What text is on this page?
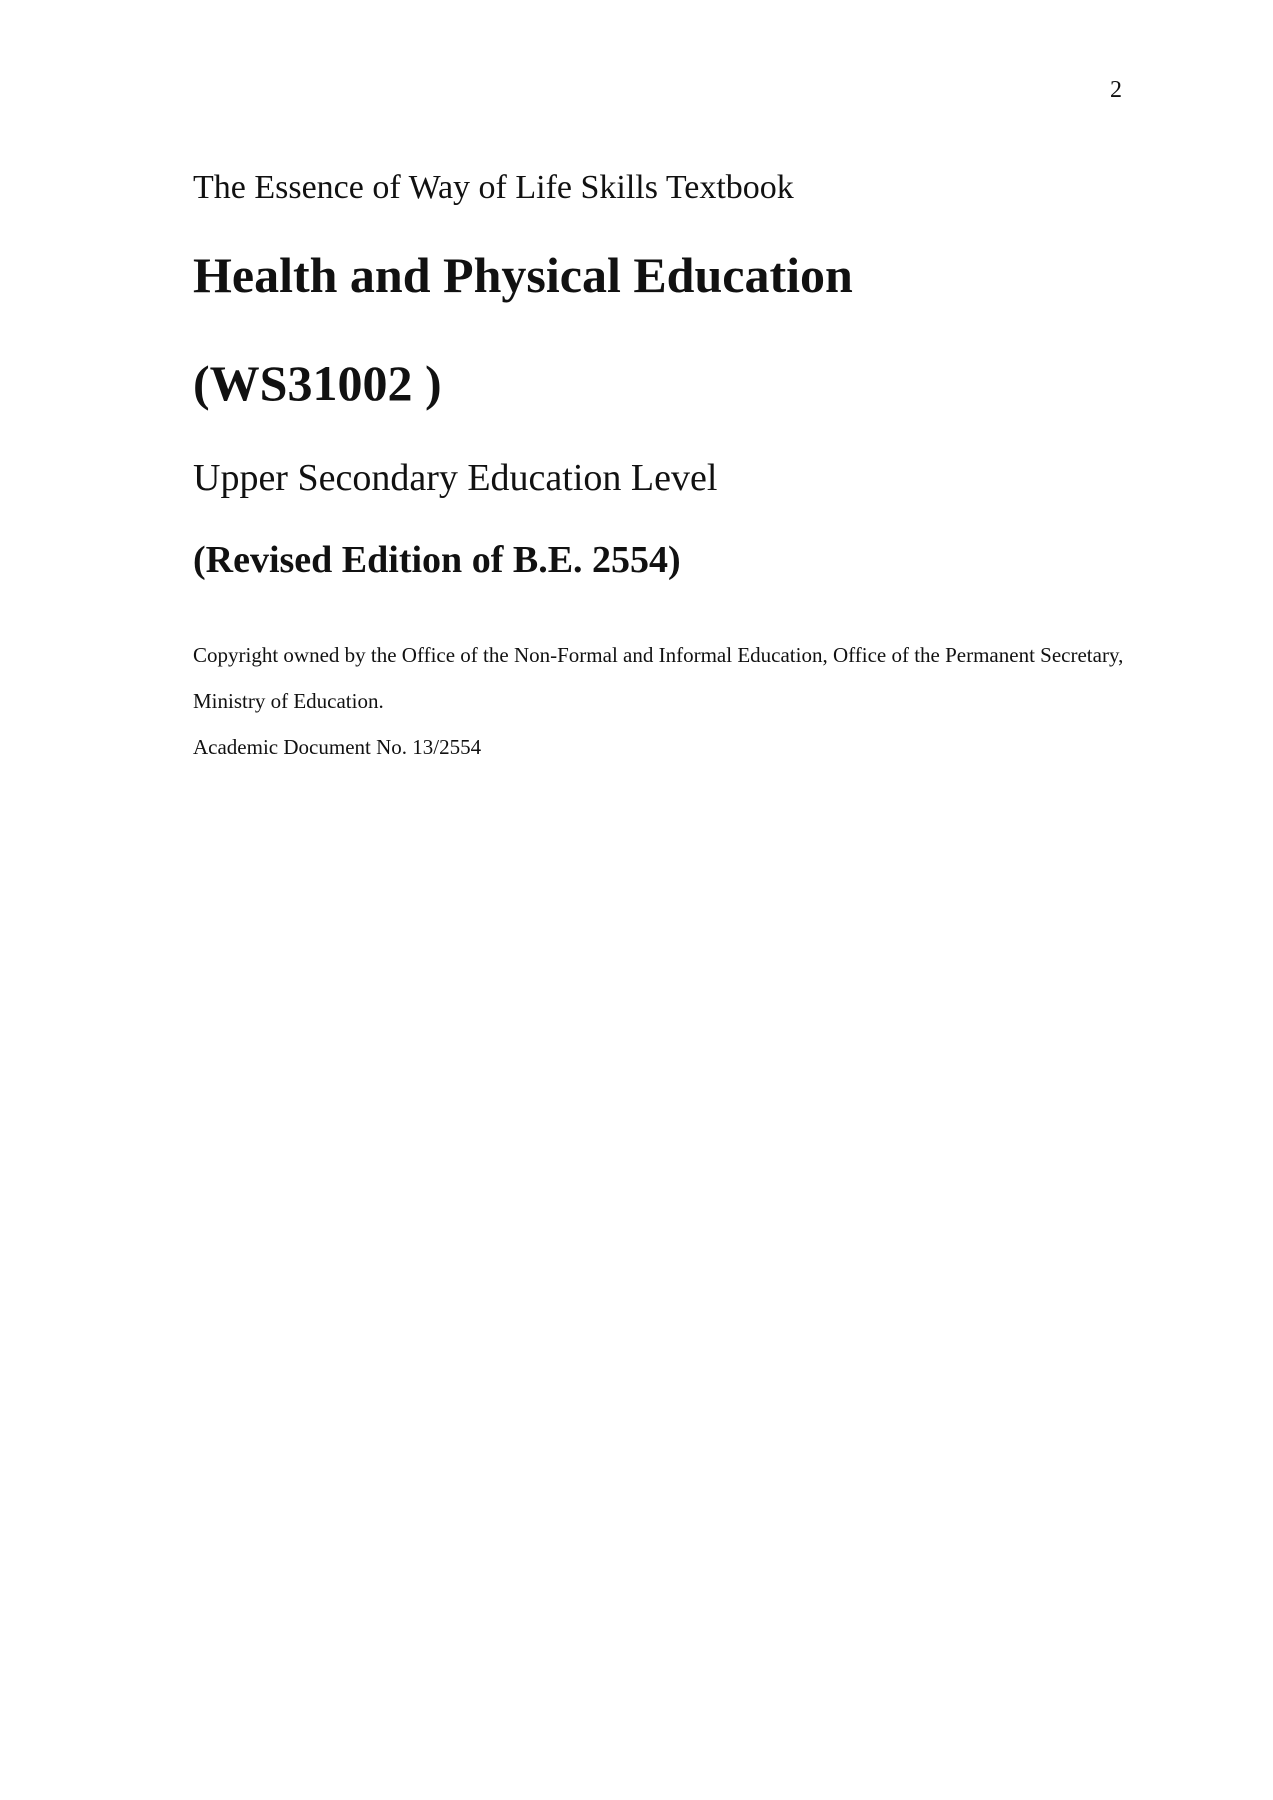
2

The Essence of Way of Life Skills Textbook

Health and Physical Education
(WS31002 )

Upper Secondary Education Level

(Revised Edition of B.E. 2554)

Copyright owned by the Office of the Non-Formal and Informal Education, Office of the Permanent Secretary, Ministry of Education.

Academic Document No. 13/2554
